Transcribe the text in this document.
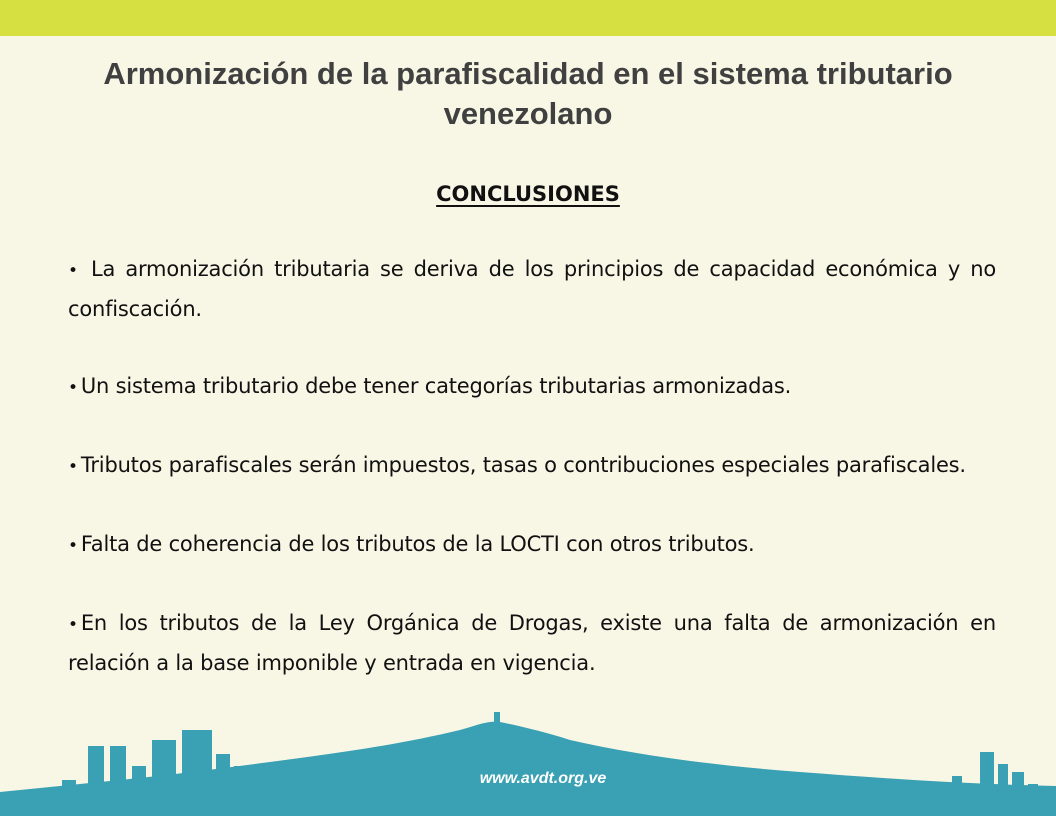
Armonización de la parafiscalidad en el sistema tributario venezolano
CONCLUSIONES
• La armonización tributaria se deriva de los principios de capacidad económica y no confiscación.
• Un sistema tributario debe tener categorías tributarias armonizadas.
• Tributos parafiscales serán impuestos, tasas o contribuciones especiales parafiscales.
• Falta de coherencia de los tributos de la LOCTI con otros tributos.
• En los tributos de la Ley Orgánica de Drogas, existe una falta de armonización en relación a la base imponible y entrada en vigencia.
www.avdt.org.ve
